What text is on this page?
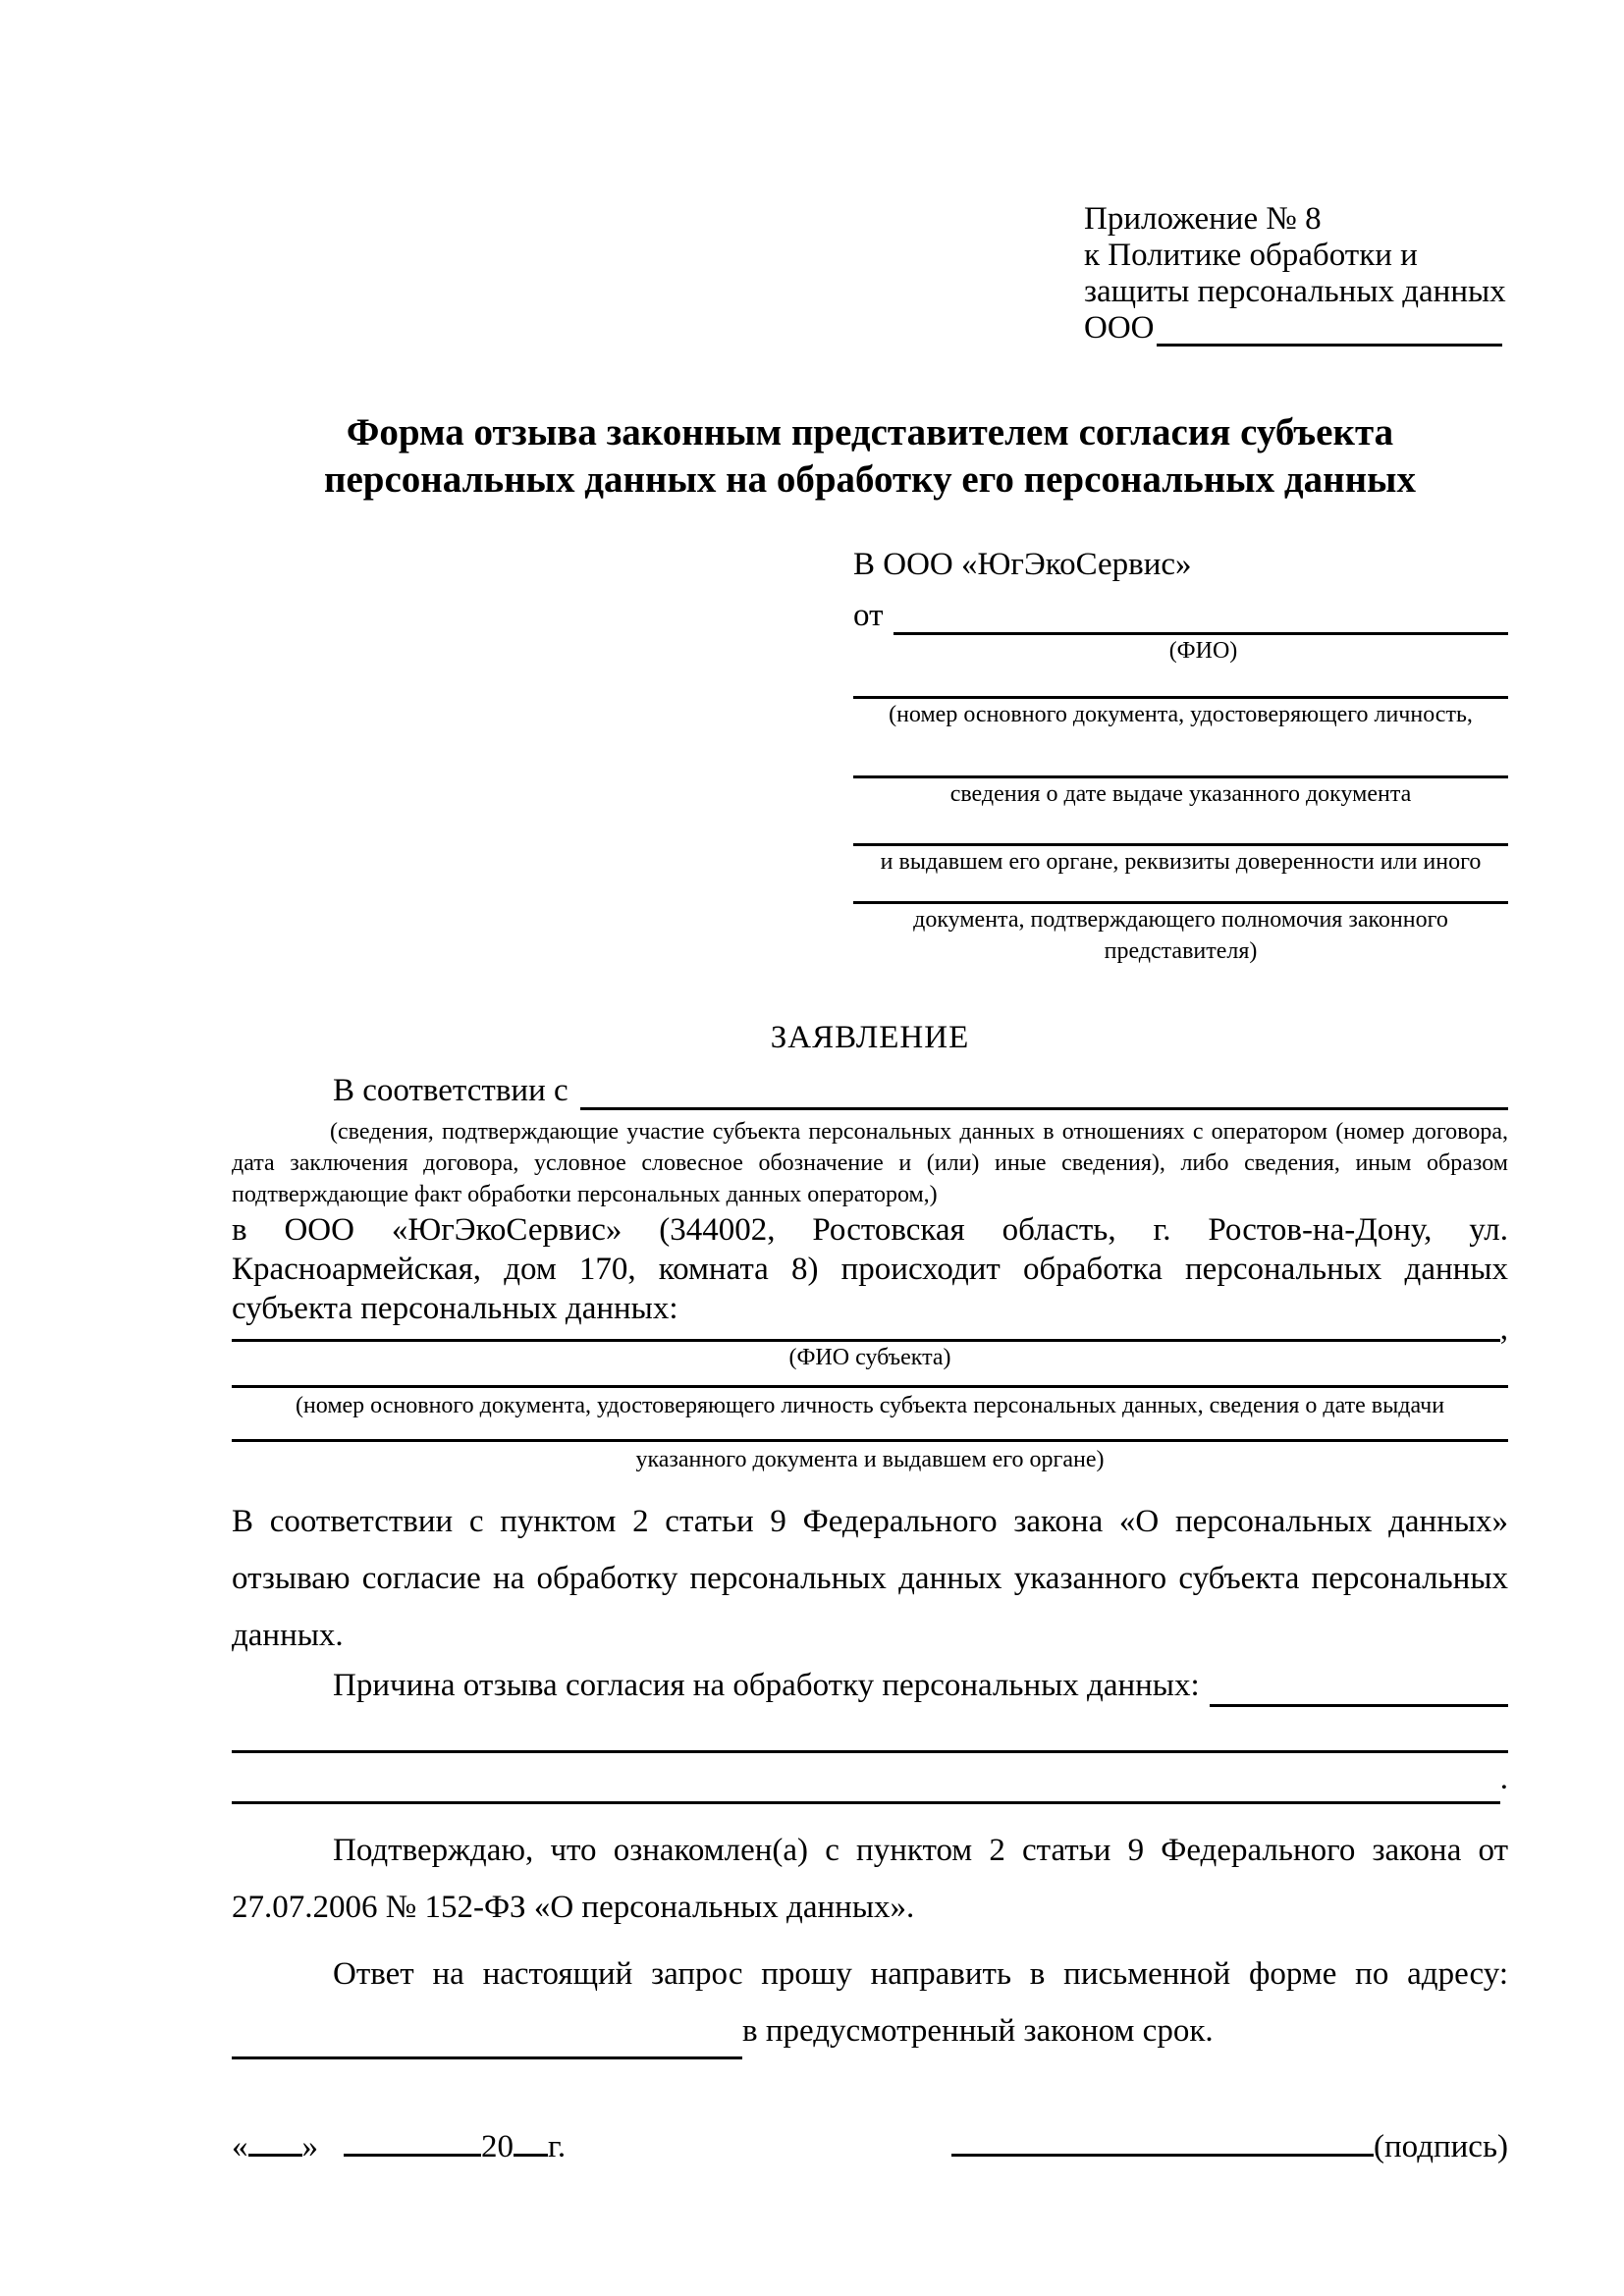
Приложение № 8
к Политике обработки и
защиты персональных данных
ООО
Форма отзыва законным представителем согласия субъекта
персональных данных на обработку его персональных данных
В ООО «ЮгЭкоСервис»
от
(ФИО)
(номер основного документа, удостоверяющего личность,
сведения о дате выдаче указанного документа
и выдавшем его органе, реквизиты доверенности или иного
документа, подтверждающего полномочия законного представителя)
ЗАЯВЛЕНИЕ
В соответствии с
(сведения, подтверждающие участие субъекта персональных данных в отношениях с оператором (номер договора, дата заключения договора, условное словесное обозначение и (или) иные сведения), либо сведения, иным образом подтверждающие факт обработки персональных данных оператором,)

в ООО «ЮгЭкоСервис» (344002, Ростовская область, г. Ростов-на-Дону, ул. Красноармейская, дом 170, комната 8) происходит обработка персональных данных субъекта персональных данных:

,
(ФИО субъекта)
(номер основного документа, удостоверяющего личность субъекта персональных данных, сведения о дате выдачи
указанного документа и выдавшем его органе)

В соответствии с пунктом 2 статьи 9 Федерального закона «О персональных данных» отзываю согласие на обработку персональных данных указанного субъекта персональных данных.

Причина отзыва согласия на обработку персональных данных:
.

Подтверждаю, что ознакомлен(а) с пунктом 2 статьи 9 Федерального закона от 27.07.2006 № 152-ФЗ «О персональных данных».

Ответ на настоящий запрос прошу направить в письменной форме по адресу:
в предусмотренный законом срок.
« »	20 г.	(подпись)
